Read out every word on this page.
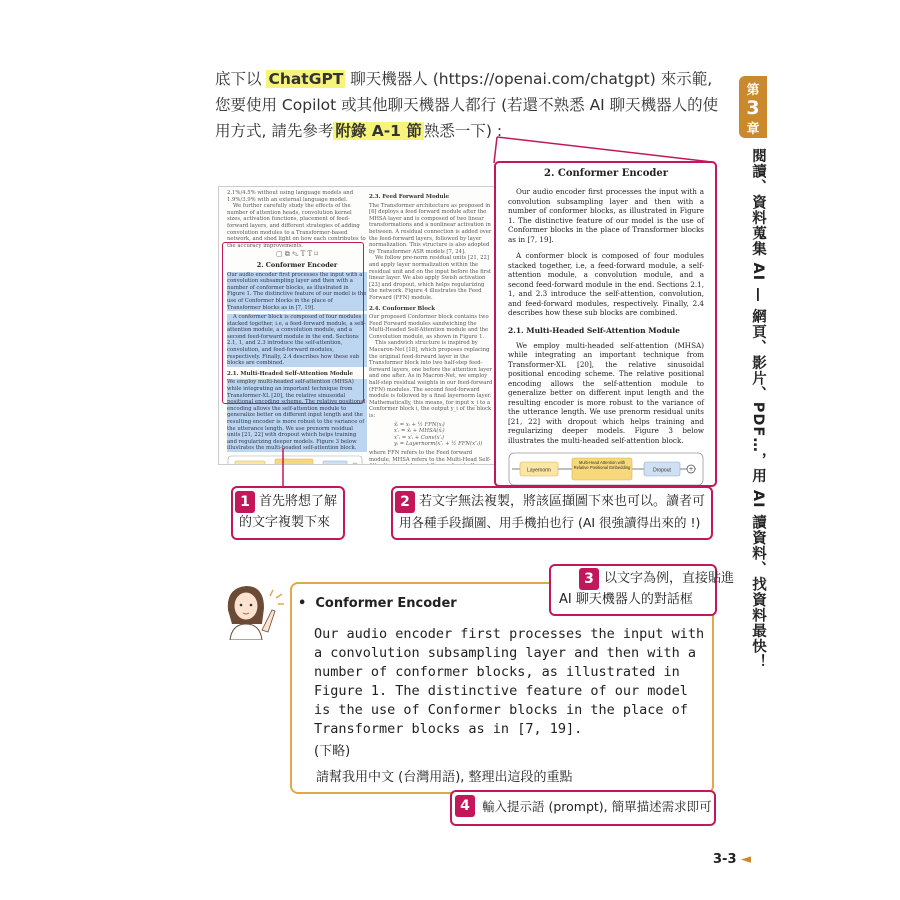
底下以 ChatGPT 聊天機器人 (https://openai.com/chatgpt) 來示範,
您要使用 Copilot 或其他聊天機器人都行 (若還不熟悉 AI 聊天機器人的使
用方式, 請先參考 附錄 A-1 節 熟悉一下) :
第
3
章
閱讀、資料蒐集 AI — 網頁、影片、PDF…，用 AI 讀資料、找資料最快！
2.1%/4.5% without using language models and 1.9%/3.9% with an external language model.
We further carefully study the effects of the number of attention heads, convolution kernel sizes, activation functions, placement of feed-forward layers, and different strategies of adding convolution modules to a Transformer-based network, and shed light on how each contributes to the accuracy improvements.
▢ ⧉ ✎ T T ⌑
2. Conformer Encoder
Our audio encoder first processes the input with a convolution subsampling layer and then with a number of conformer blocks, as illustrated in Figure 1. The distinctive feature of our model is the use of Conformer blocks in the place of Transformer blocks as in [7, 19].
A conformer block is composed of four modules stacked together, i.e, a feed-forward module, a self-attention module, a convolution module, and a second feed-forward module in the end. Sections 2.1, 1, and 2.3 introduce the self-attention, convolution, and feed-forward modules, respectively. Finally, 2.4 describes how these sub blocks are combined.
2.1. Multi-Headed Self-Attention Module
We employ multi-headed self-attention (MHSA) while integrating an important technique from Transformer-XL [20], the relative sinusoidal positional encoding scheme. The relative positional encoding allows the self-attention module to generalize better on different input length and the resulting encoder is more robust to the variance of the utterance length. We use prenorm residual units [21, 22] with dropout which helps training and regularizing deeper models. Figure 3 below illustrates the multi-headed self-attention block.
2.3. Feed Forward Module
The Transformer architecture as proposed in [6] deploys a feed forward module after the MHSA layer and is composed of two linear transformations and a nonlinear activation in between. A residual connection is added over the feed-forward layers, followed by layer normalization. This structure is also adopted by Transformer ASR models [7, 24].
We follow pre-norm residual units [21, 22] and apply layer normalization within the residual unit and on the input before the first linear layer. We also apply Swish activation [23] and dropout, which helps regularizing the network. Figure 4 illustrates the Feed Forward (FFN) module.
2.4. Conformer Block
Our proposed Conformer block contains two Feed Forward modules sandwiching the Multi-Headed Self-Attention module and the Convolution module, as shown in Figure 1.
This sandwich structure is inspired by Macaron-Net [18], which proposes replacing the original feed-forward layer in the Transformer block into two half-step feed-forward layers, one before the attention layer and one after. As in Macron-Net, we employ half-step residual weights in our feed-forward (FFN) modules. The second feed-forward module is followed by a final layernorm layer. Mathematically, this means, for input x_i to a Conformer block i, the output y_i of the block is:
x̃ᵢ = xᵢ + ½ FFN(xᵢ)
x′ᵢ = x̃ᵢ + MHSA(x̃ᵢ)
x″ᵢ = x′ᵢ + Conv(x′ᵢ)
yᵢ = Layernorm(x″ᵢ + ½ FFN(x″ᵢ))
where FFN refers to the Feed forward module, MHSA refers to the Multi-Head Self-
2. Conformer Encoder
Our audio encoder first processes the input with a convolution subsampling layer and then with a number of conformer blocks, as illustrated in Figure 1. The distinctive feature of our model is the use of Conformer blocks in the place of Transformer blocks as in [7, 19].
A conformer block is composed of four modules stacked together, i.e, a feed-forward module, a self-attention module, a convolution module, and a second feed-forward module in the end. Sections 2.1, 1, and 2.3 introduce the self-attention, convolution, and feed-forward modules, respectively. Finally, 2.4 describes how these sub blocks are combined.
2.1. Multi-Headed Self-Attention Module
We employ multi-headed self-attention (MHSA) while integrating an important technique from Transformer-XL [20], the relative sinusoidal positional encoding scheme. The relative positional encoding allows the self-attention module to generalize better on different input length and the resulting encoder is more robust to the variance of the utterance length. We use prenorm residual units [21, 22] with dropout which helps training and regularizing deeper models. Figure 3 below illustrates the multi-headed self-attention block.
Layernorm
Multi-Head Attention with Relative Positional Embedding	Dropout	+
1 首先將想了解
的文字複製下來
2 若文字無法複製，將該區擷圖下來也可以。讀者可
用各種手段擷圖、用手機拍也行 (AI 很強讀得出來的 !)
• Conformer Encoder
Our audio encoder first processes the input with
a convolution subsampling layer and then with a
number of conformer blocks, as illustrated in
Figure 1. The distinctive feature of our model
is the use of Conformer blocks in the place of
Transformer blocks as in [7, 19].
(下略)
請幫我用中文 (台灣用語), 整理出這段的重點
3 以文字為例，直接貼進
AI 聊天機器人的對話框
4 輸入提示語 (prompt), 簡單描述需求即可
3-3 ◄
